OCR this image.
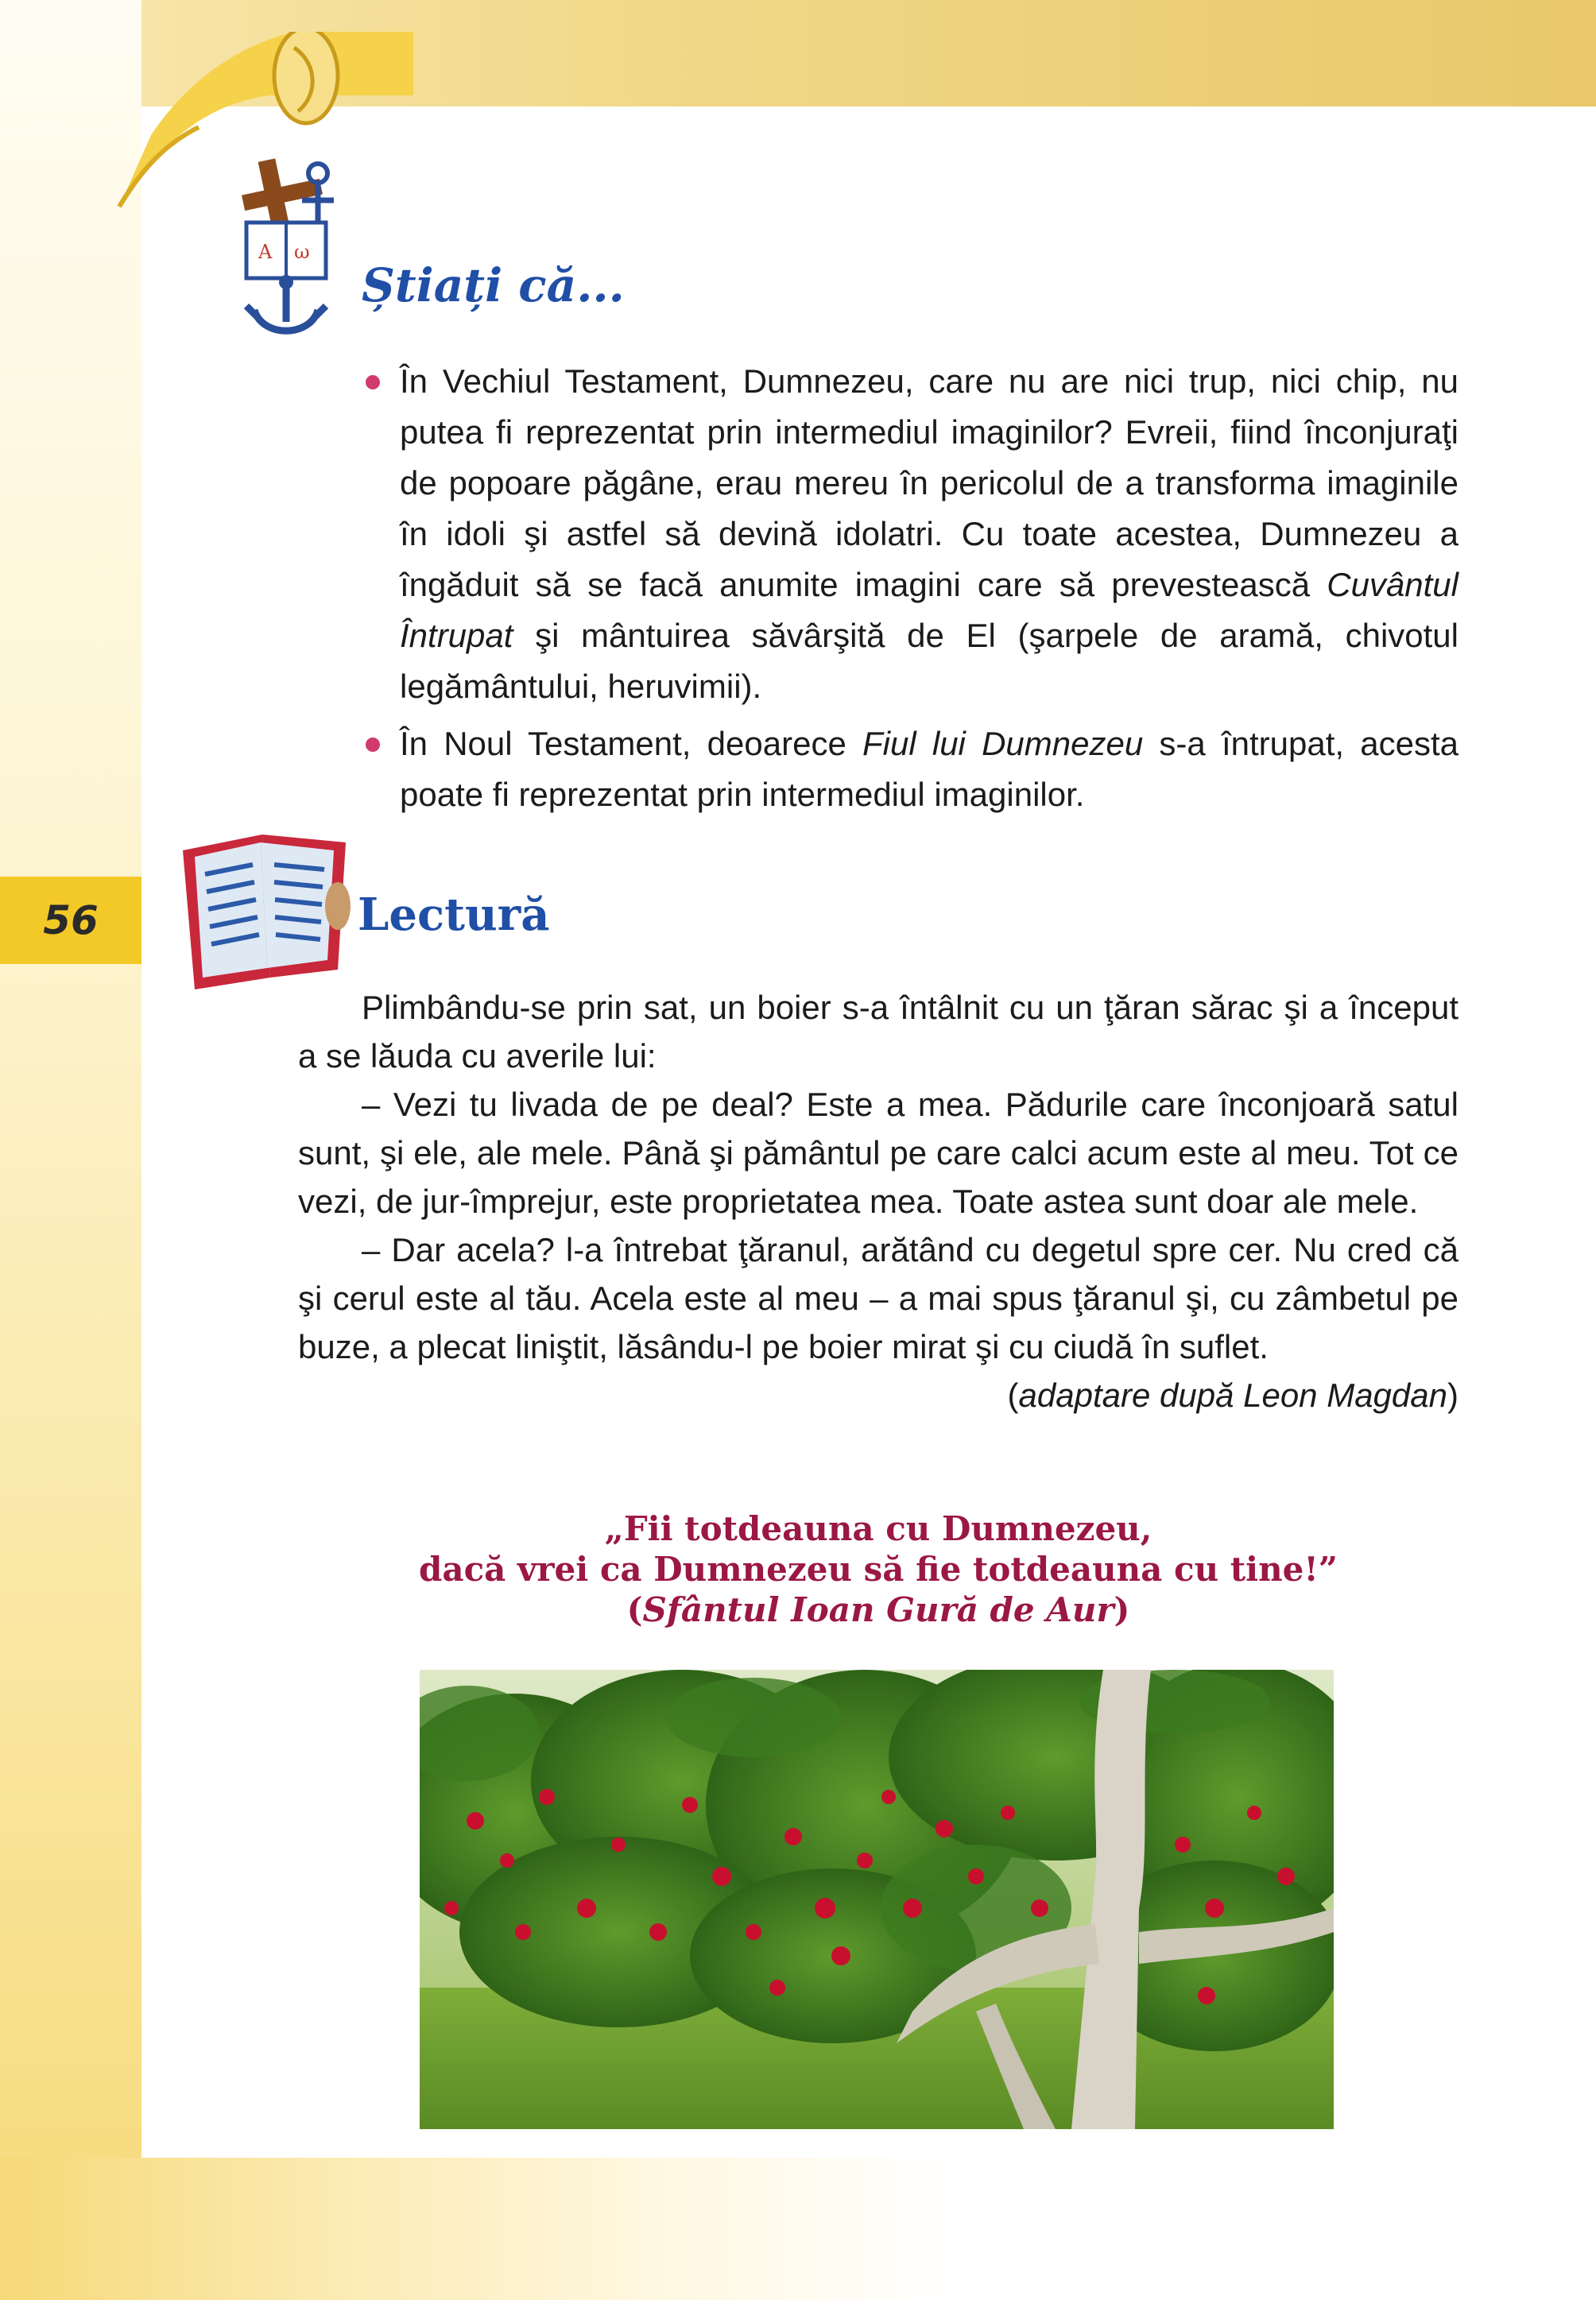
56
A ω
Știați că...
În Vechiul Testament, Dumnezeu, care nu are nici trup, nici chip, nu putea fi reprezentat prin intermediul imaginilor? Evreii, fiind înconjuraţi de popoare păgâne, erau mereu în pericolul de a transforma imaginile în idoli şi astfel să devină idolatri. Cu toate acestea, Dumnezeu a îngăduit să se facă anumite imagini care să prevestească Cuvântul Întrupat şi mântuirea săvârşită de El (şarpele de aramă, chivotul legământului, heruvimii).
În Noul Testament, deoarece Fiul lui Dumnezeu s-a întrupat, acesta poate fi reprezentat prin intermediul imaginilor.
Lectură

Plimbându-se prin sat, un boier s-a întâlnit cu un ţăran sărac şi a început a se lăuda cu averile lui:

– Vezi tu livada de pe deal? Este a mea. Pădurile care înconjoară satul sunt, şi ele, ale mele. Până şi pământul pe care calci acum este al meu. Tot ce vezi, de jur-împrejur, este proprietatea mea. Toate astea sunt doar ale mele.

– Dar acela? l-a întrebat ţăranul, arătând cu degetul spre cer. Nu cred că şi cerul este al tău. Acela este al meu – a mai spus ţăranul şi, cu zâmbetul pe buze, a plecat liniştit, lăsându-l pe boier mirat şi cu ciudă în suflet.

(adaptare după Leon Magdan)

„Fii totdeauna cu Dumnezeu,
dacă vrei ca Dumnezeu să fie totdeauna cu tine!”
(Sfântul Ioan Gură de Aur)
